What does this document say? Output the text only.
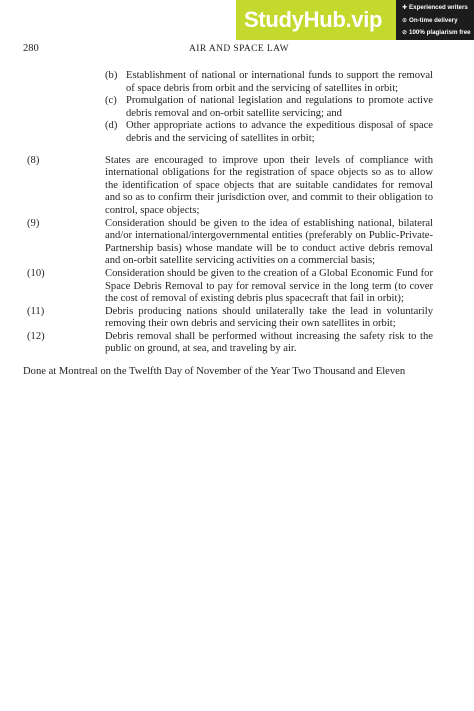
StudyHub.vip	✚ Experienced writers
⊙ On-time delivery
⊘ 100% plagiarism free
280	AIR AND SPACE LAW
(b) Establishment of national or international funds to support the removal of space debris from orbit and the servicing of satellites in orbit;
(c) Promulgation of national legislation and regulations to promote active debris removal and on-orbit satellite servicing; and
(d) Other appropriate actions to advance the expeditious disposal of space debris and the servicing of satellites in orbit;
(8)	States are encouraged to improve upon their levels of compliance with international obligations for the registration of space objects so as to allow the identification of space objects that are suitable candidates for removal and so as to confirm their jurisdiction over, and commit to their obligation to control, space objects;
(9)	Consideration should be given to the idea of establishing national, bilateral and/or international/intergovernmental entities (preferably on Public-Private-Partnership basis) whose mandate will be to conduct active debris removal and on-orbit satellite servicing activities on a commercial basis;
(10)	Consideration should be given to the creation of a Global Economic Fund for Space Debris Removal to pay for removal service in the long term (to cover the cost of removal of existing debris plus spacecraft that fail in orbit);
(11)	Debris producing nations should unilaterally take the lead in voluntarily removing their own debris and servicing their own satellites in orbit;
(12)	Debris removal shall be performed without increasing the safety risk to the public on ground, at sea, and traveling by air.
Done at Montreal on the Twelfth Day of November of the Year Two Thousand and Eleven
